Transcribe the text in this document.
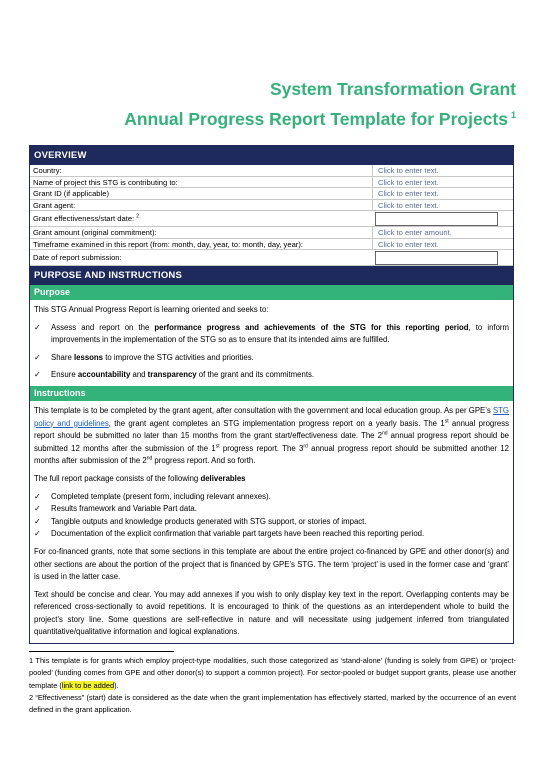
System Transformation Grant
Annual Progress Report Template for Projects 1
OVERVIEW
Country:	Click to enter text.
Name of project this STG is contributing to:	Click to enter text.
Grant ID (if applicable)	Click to enter text.
Grant agent:	Click to enter text.
Grant effectiveness/start date: $^2$
Grant amount (original commitment):	Click to enter amount.
Timeframe examined in this report (from: month, day, year, to: month, day, year):	Click to enter text.
Date of report submission:
PURPOSE AND INSTRUCTIONS
Purpose
This STG Annual Progress Report is learning oriented and seeks to:
✓	Assess and report on the performance progress and achievements of the STG for this reporting period, to inform improvements in the implementation of the STG so as to ensure that its intended aims are fulfilled.
✓	Share lessons to improve the STG activities and priorities.
✓	Ensure accountability and transparency of the grant and its commitments.
Instructions
This template is to be completed by the grant agent, after consultation with the government and local education group. As per GPE’s STG policy and guidelines, the grant agent completes an STG implementation progress report on a yearly basis. The 1st annual progress report should be submitted no later than 15 months from the grant start/effectiveness date. The 2nd annual progress report should be submitted 12 months after the submission of the 1st progress report. The 3rd annual progress report should be submitted another 12 months after submission of the 2nd progress report. And so forth.
The full report package consists of the following deliverables
✓	Completed template (present form, including relevant annexes).
✓	Results framework and Variable Part data.
✓	Tangible outputs and knowledge products generated with STG support, or stories of impact.
✓	Documentation of the explicit confirmation that variable part targets have been reached this reporting period.
For co-financed grants, note that some sections in this template are about the entire project co-financed by GPE and other donor(s) and other sections are about the portion of the project that is financed by GPE’s STG. The term ‘project’ is used in the former case and ‘grant’ is used in the latter case.
Text should be concise and clear. You may add annexes if you wish to only display key text in the report. Overlapping contents may be referenced cross-sectionally to avoid repetitions. It is encouraged to think of the questions as an interdependent whole to build the project’s story line. Some questions are self-reflective in nature and will necessitate using judgement inferred from triangulated quantitative/qualitative information and logical explanations.
1 This template is for grants which employ project-type modalities, such those categorized as ‘stand-alone’ (funding is solely from GPE) or ‘project-pooled’ (funding comes from GPE and other donor(s) to support a common project). For sector-pooled or budget support grants, please use another template (link to be added).
2 “Effectiveness” (start) date is considered as the date when the grant implementation has effectively started, marked by the occurrence of an event defined in the grant application.
